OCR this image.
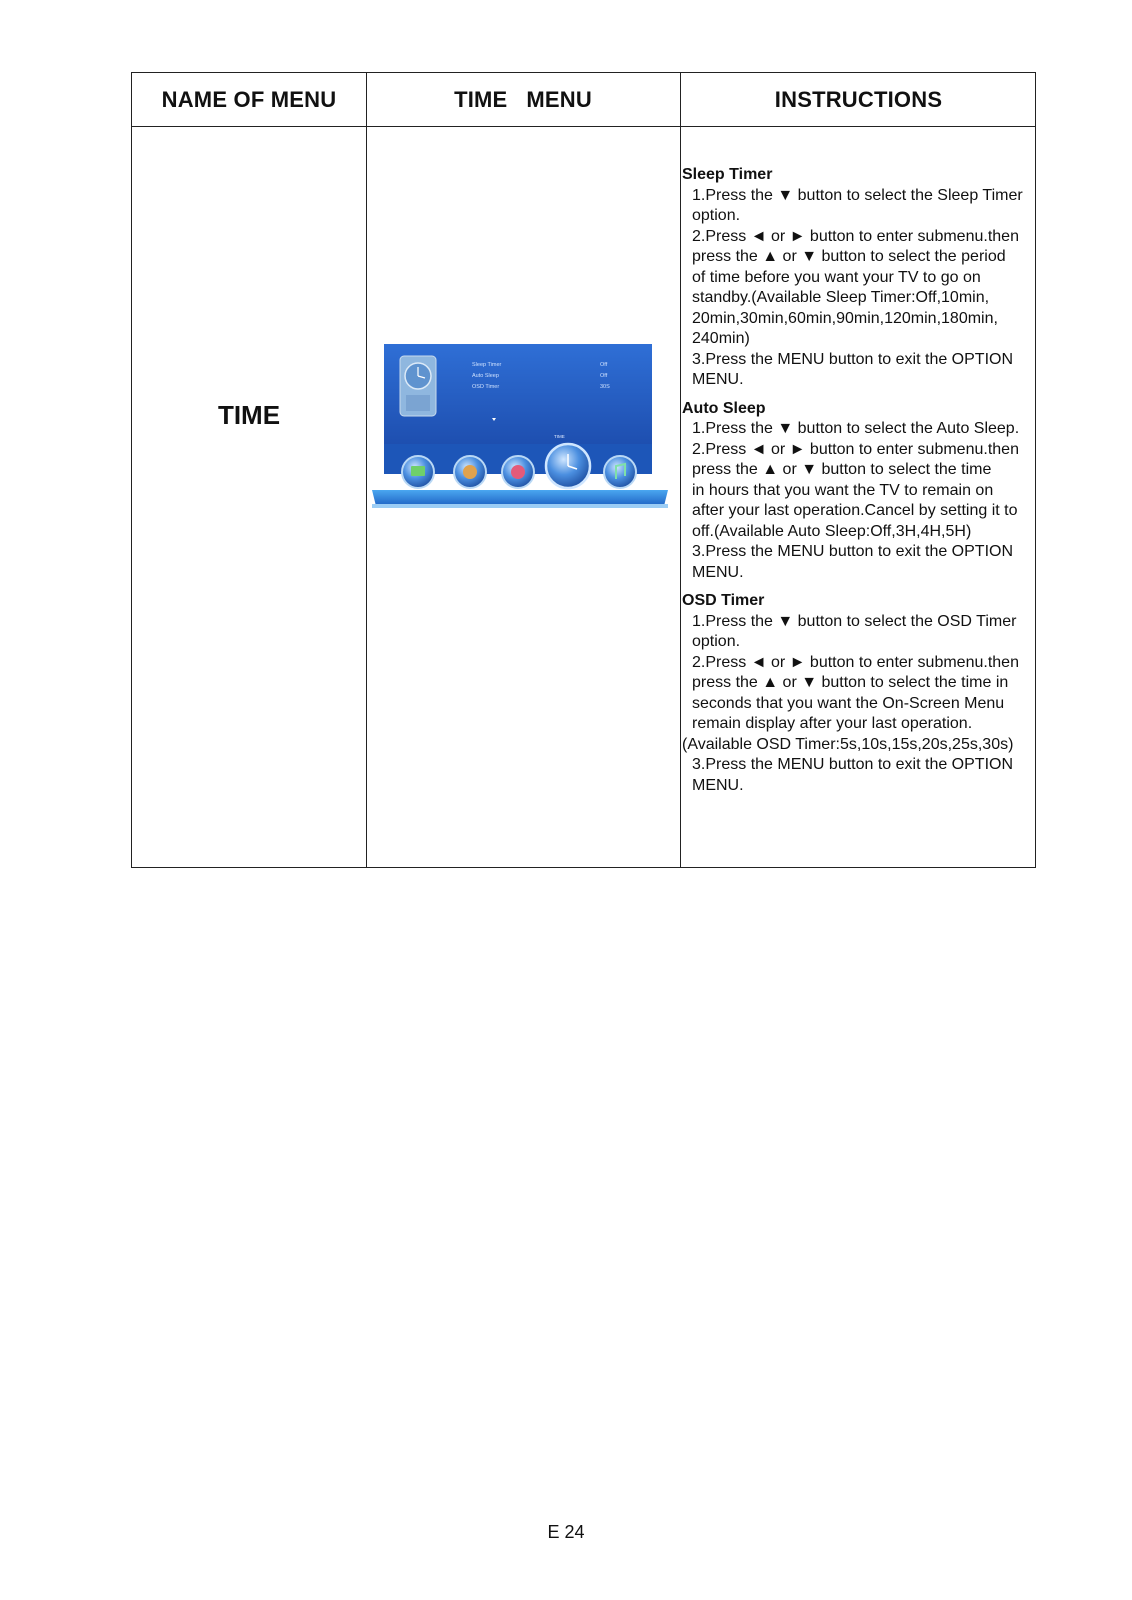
NAME OF MENU	TIME   MENU	INSTRUCTIONS
TIME
Sleep Timer	Off
Auto Sleep	Off
OSD Timer	30S
TIME
Sleep Timer
1.Press the ▼ button to select the Sleep Timer
option.
2.Press ◄ or ► button to enter submenu.then
press the ▲ or ▼ button to select the period
of time before you want your TV to go on
standby.(Available Sleep Timer:Off,10min,
20min,30min,60min,90min,120min,180min,
240min)
3.Press the MENU button to exit the OPTION
MENU.
Auto Sleep
1.Press the ▼ button to select the Auto Sleep.
2.Press ◄ or ► button to enter submenu.then
press the ▲ or ▼ button to select the time
in hours that you want the TV to remain on
after your last operation.Cancel by setting it to
off.(Available Auto Sleep:Off,3H,4H,5H)
3.Press the MENU button to exit the OPTION
MENU.
OSD Timer
1.Press the ▼ button to select the OSD Timer
option.
2.Press ◄ or ► button to enter submenu.then
press the ▲ or ▼ button to select the time in
seconds that you want the On-Screen Menu
remain display after your last operation.
(Available OSD Timer:5s,10s,15s,20s,25s,30s)
3.Press the MENU button to exit the OPTION
MENU.
E 24
